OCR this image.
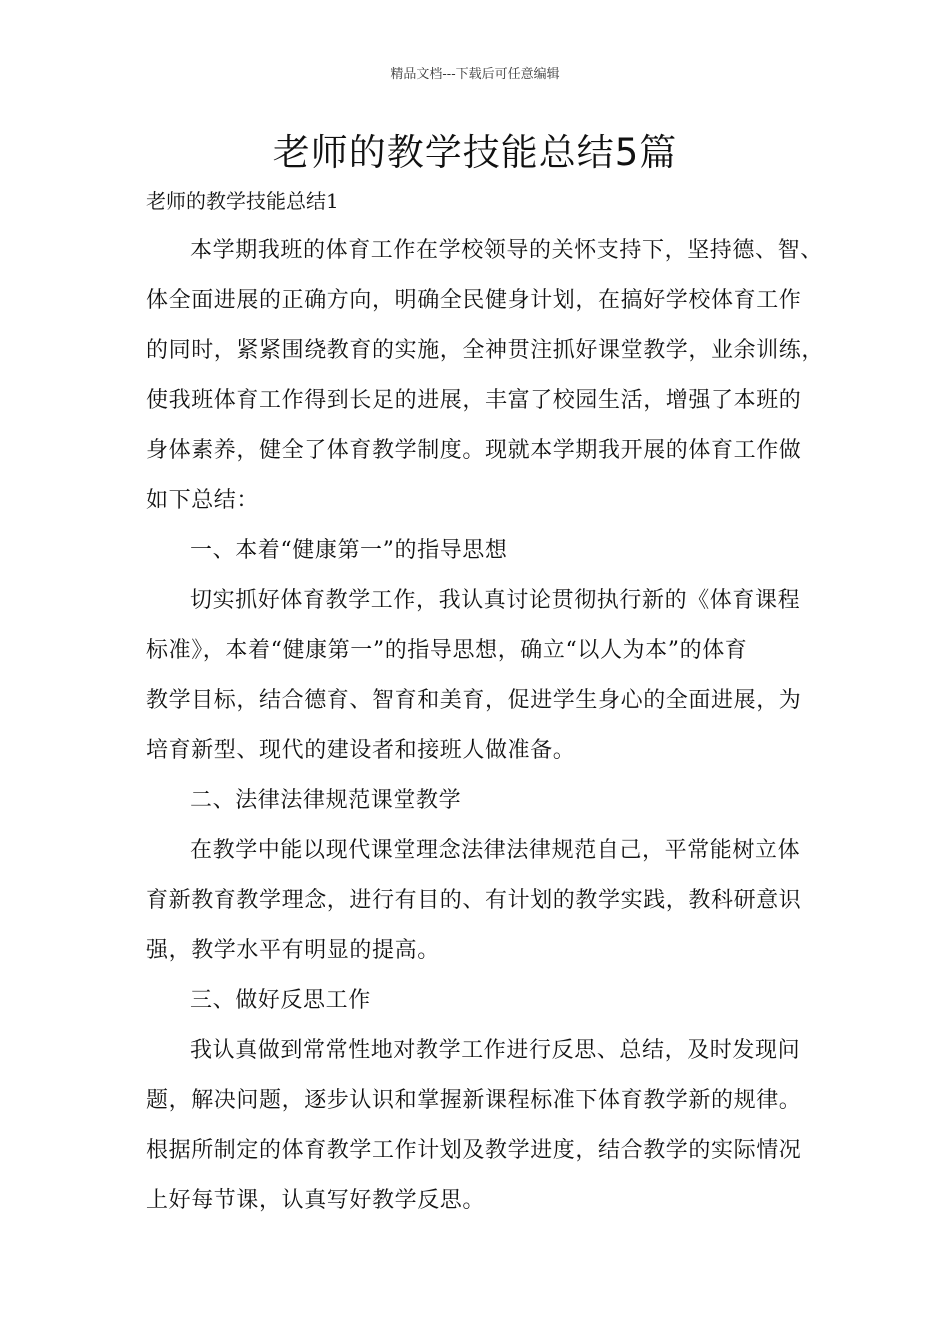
精品文档---下载后可任意编辑
老师的教学技能总结5篇
老师的教学技能总结1
本学期我班的体育工作在学校领导的关怀支持下，坚持德、智、
体全面进展的正确方向，明确全民健身计划，在搞好学校体育工作
的同时，紧紧围绕教育的实施，全神贯注抓好课堂教学，业余训练，
使我班体育工作得到长足的进展，丰富了校园生活，增强了本班的
身体素养，健全了体育教学制度。现就本学期我开展的体育工作做
如下总结：
一、本着“健康第一”的指导思想
切实抓好体育教学工作，我认真讨论贯彻执行新的《体育课程
标准》，本着“健康第一”的指导思想，确立“以人为本”的体育
教学目标，结合德育、智育和美育，促进学生身心的全面进展，为
培育新型、现代的建设者和接班人做准备。
二、法律法律规范课堂教学
在教学中能以现代课堂理念法律法律规范自己，平常能树立体
育新教育教学理念，进行有目的、有计划的教学实践，教科研意识
强，教学水平有明显的提高。
三、做好反思工作
我认真做到常常性地对教学工作进行反思、总结，及时发现问
题，解决问题，逐步认识和掌握新课程标准下体育教学新的规律。
根据所制定的体育教学工作计划及教学进度，结合教学的实际情况
上好每节课，认真写好教学反思。
